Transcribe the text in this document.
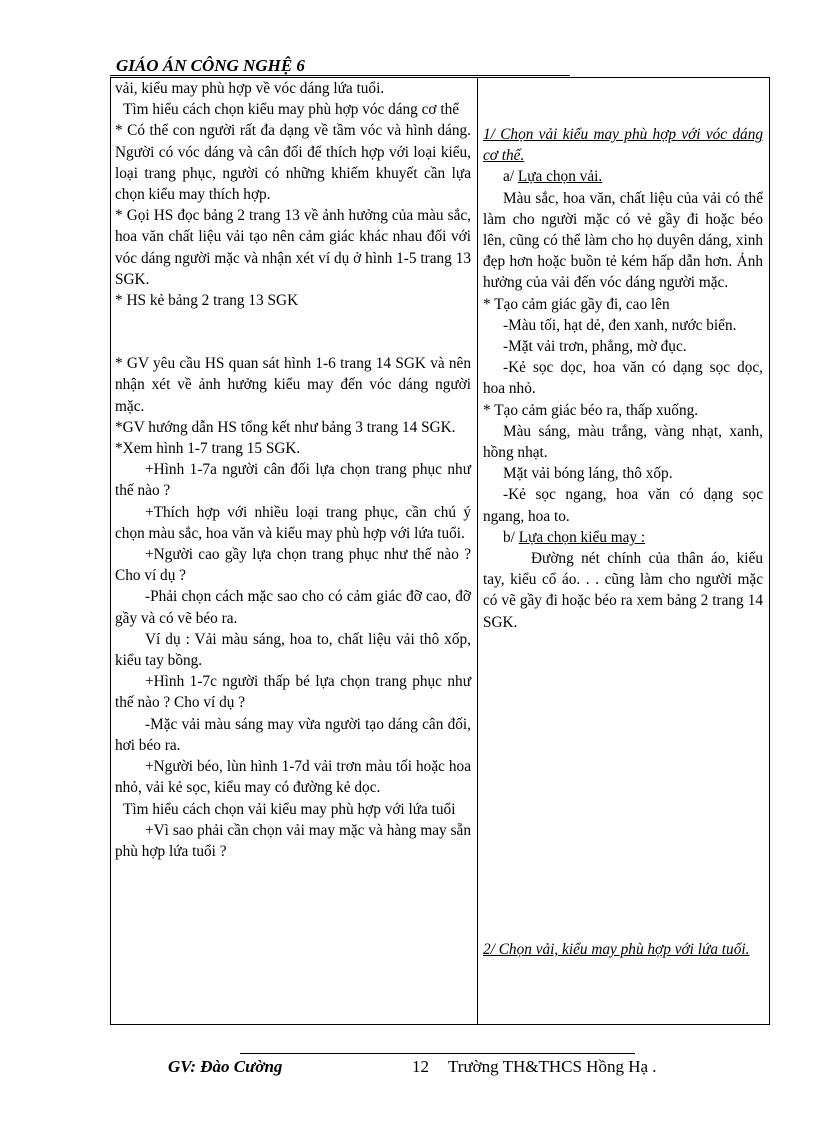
GIÁO ÁN CÔNG NGHỆ 6

vải, kiểu may phù hợp về vóc dáng lứa tuổi.

Tìm hiểu cách chọn kiểu may phù hợp vóc dáng cơ thể

* Có thể con người rất đa dạng về tầm vóc và hình dáng. Người có vóc dáng và cân đối để thích hợp với loại kiểu, loại trang phục, người có những khiếm khuyết cần lựa chọn kiểu may thích hợp.

* Gọi HS đọc bảng 2 trang 13 về ảnh hưởng của màu sắc, hoa văn chất liệu vải tạo nên cảm giác khác nhau đối với vóc dáng người mặc và nhận xét ví dụ ở hình 1-5 trang 13 SGK.

* HS kẻ bảng 2 trang 13 SGK

* GV yêu cầu HS quan sát hình 1-6 trang 14 SGK và nên nhận xét về ảnh hưởng kiểu may đến vóc dáng người mặc.

*GV hướng dẫn HS tổng kết như bảng 3 trang 14 SGK.

*Xem hình 1-7 trang 15 SGK.

+Hình 1-7a người cân đối lựa chọn trang phục như thế nào ?

+Thích hợp với nhiều loại trang phục, cần chú ý chọn màu sắc, hoa văn và kiểu may phù hợp với lứa tuổi.

+Người cao gầy lựa chọn trang phục như thế nào ? Cho ví dụ ?

-Phải chọn cách mặc sao cho có cảm giác đỡ cao, đỡ gầy và có vẽ béo ra.

Ví dụ : Vải màu sáng, hoa to, chất liệu vải thô xốp, kiểu tay bồng.

+Hình 1-7c người thấp bé lựa chọn trang phục như thế nào ? Cho ví dụ ?

-Mặc vải màu sáng may vừa người tạo dáng cân đối, hơi béo ra.

+Người béo, lùn hình 1-7d vải trơn màu tối hoặc hoa nhỏ, vải kẻ sọc, kiểu may có đường kẻ dọc.

Tìm hiểu cách chọn vải kiểu may phù hợp với lứa tuổi

+Vì sao phải cần chọn vải may mặc và hàng may sẵn phù hợp lứa tuổi ?

1/ Chọn vải kiểu may phù hợp với vóc dáng cơ thể.

a/ Lựa chọn vải.

Màu sắc, hoa văn, chất liệu của vải có thể làm cho người mặc có vẻ gầy đi hoặc béo lên, cũng có thể làm cho họ duyên dáng, xinh đẹp hơn hoặc buồn tẻ kém hấp dẫn hơn. Ảnh hưởng của vải đến vóc dáng người mặc.

* Tạo cảm giác gầy đi, cao lên

-Màu tối, hạt dẻ, đen xanh, nước biển.

-Mặt vải trơn, phẳng, mờ đục.

-Kẻ sọc dọc, hoa văn có dạng sọc dọc, hoa nhỏ.

* Tạo cảm giác béo ra, thấp xuống.

Màu sáng, màu trắng, vàng nhạt, xanh, hồng nhạt.

Mặt vải bóng láng, thô xốp.

-Kẻ sọc ngang, hoa văn có dạng sọc ngang, hoa to.

b/ Lựa chọn kiểu may :

Đường nét chính của thân áo, kiểu tay, kiểu cổ áo. . . cũng làm cho người mặc có vẽ gầy đi hoặc béo ra xem bảng 2 trang 14 SGK.

2/ Chọn vải, kiểu may phù hợp với lứa tuổi.

GV: Đào Cường	12 Trường TH&THCS Hồng Hạ .
